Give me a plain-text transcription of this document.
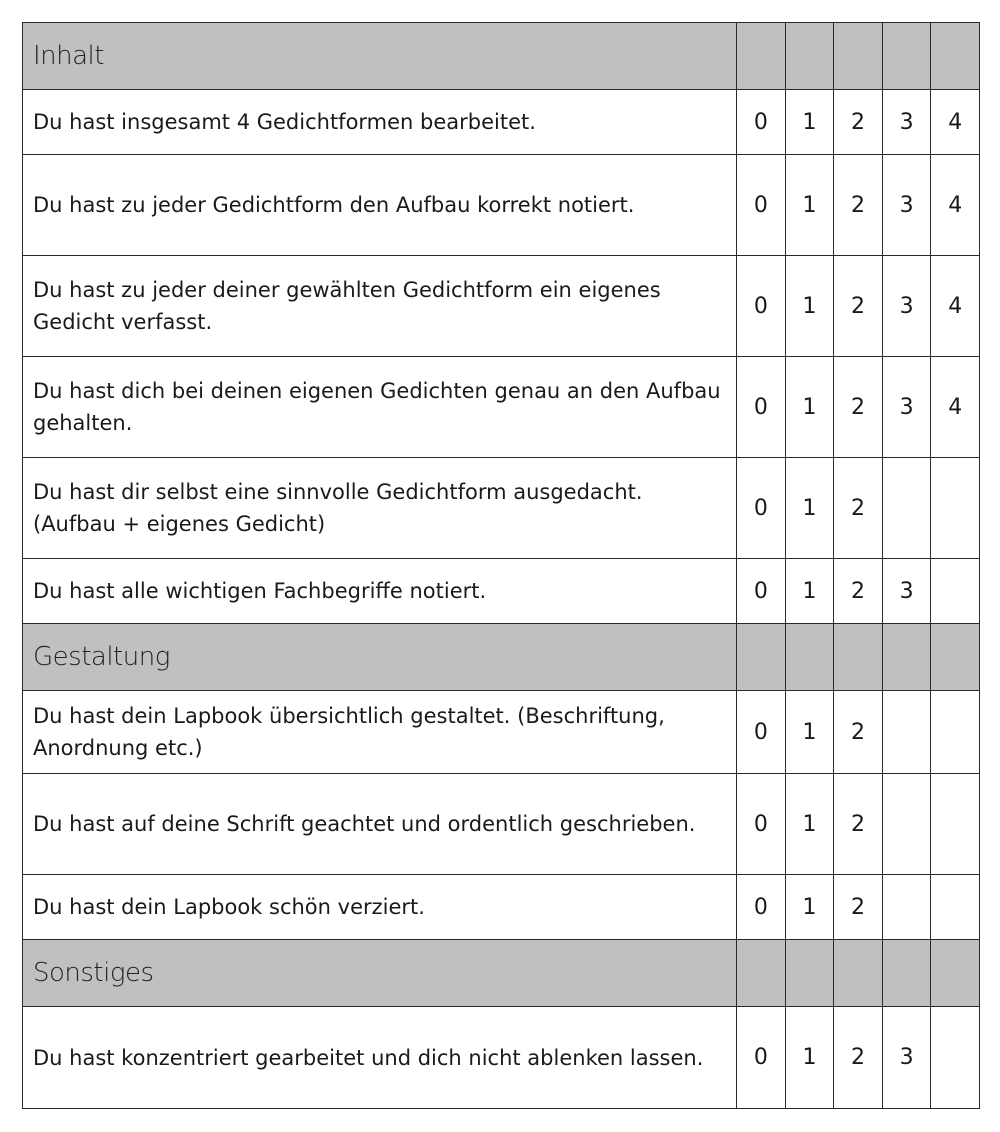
Inhalt					
Du hast insgesamt 4 Gedichtformen bearbeitet.	0	1	2	3	4
Du hast zu jeder Gedichtform den Aufbau korrekt notiert.	0	1	2	3	4
Du hast zu jeder deiner gewählten Gedichtform ein eigenes Gedicht verfasst.	0	1	2	3	4
Du hast dich bei deinen eigenen Gedichten genau an den Aufbau gehalten.	0	1	2	3	4
Du hast dir selbst eine sinnvolle Gedichtform ausgedacht. (Aufbau + eigenes Gedicht)	0	1	2		
Du hast alle wichtigen Fachbegriffe notiert.	0	1	2	3	
Gestaltung					
Du hast dein Lapbook übersichtlich gestaltet. (Beschriftung, Anordnung etc.)	0	1	2		
Du hast auf deine Schrift geachtet und ordentlich geschrieben.	0	1	2		
Du hast dein Lapbook schön verziert.	0	1	2		
Sonstiges					
Du hast konzentriert gearbeitet und dich nicht ablenken lassen.	0	1	2	3	
